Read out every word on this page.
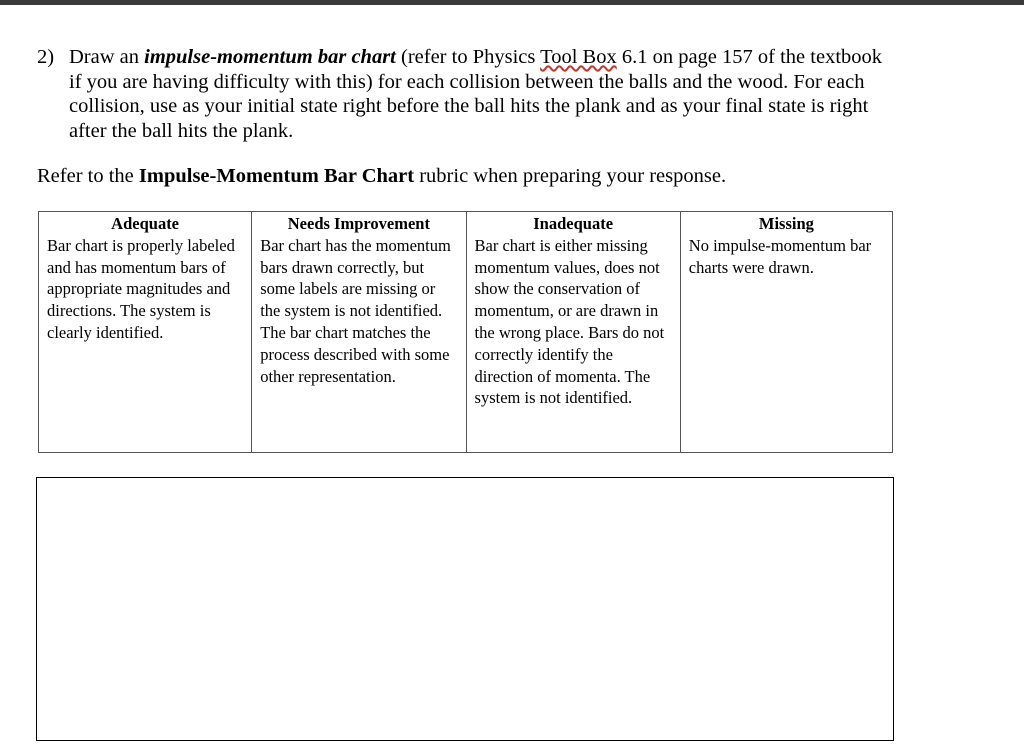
2) Draw an impulse-momentum bar chart (refer to Physics Tool Box 6.1 on page 157 of the textbook if you are having difficulty with this) for each collision between the balls and the wood. For each collision, use as your initial state right before the ball hits the plank and as your final state is right after the ball hits the plank.
Refer to the Impulse-Momentum Bar Chart rubric when preparing your response.
Adequate	Needs Improvement	Inadequate	Missing
Bar chart is properly labeled and has momentum bars of appropriate magnitudes and directions. The system is clearly identified.	Bar chart has the momentum bars drawn correctly, but some labels are missing or the system is not identified. The bar chart matches the process described with some other representation.	Bar chart is either missing momentum values, does not show the conservation of momentum, or are drawn in the wrong place. Bars do not correctly identify the direction of momenta. The system is not identified.	No impulse-momentum bar charts were drawn.
